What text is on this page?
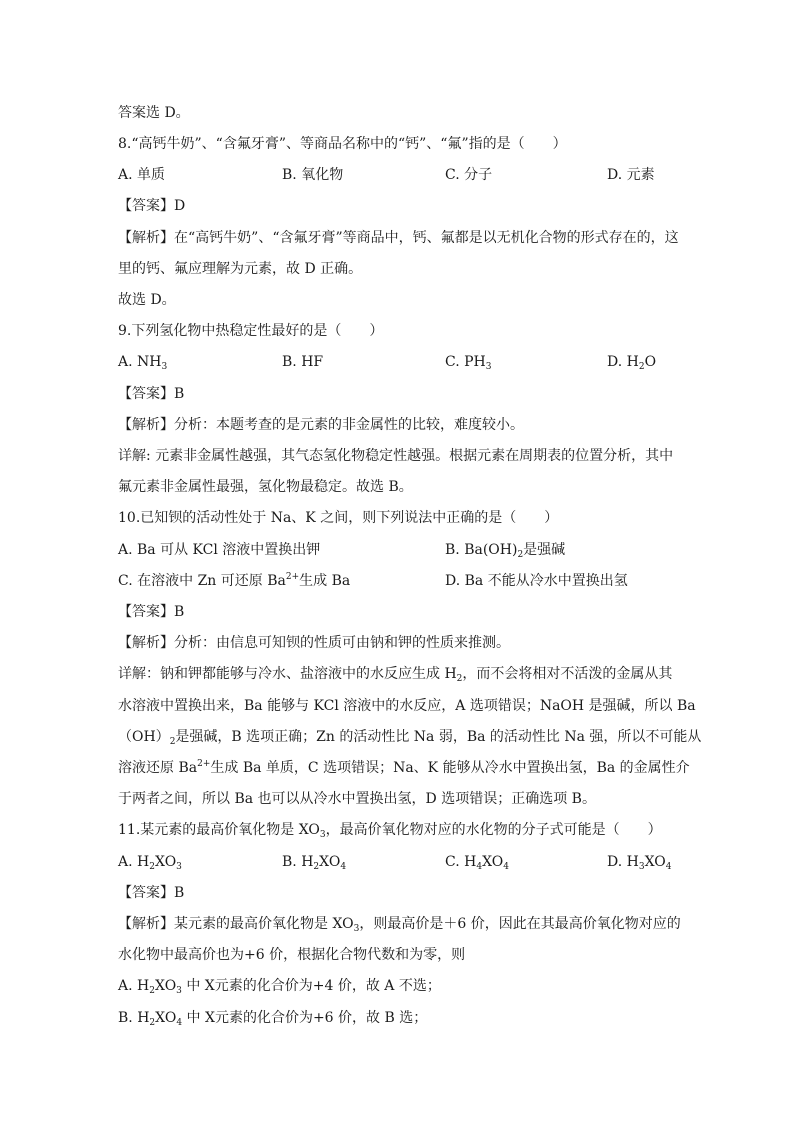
答案选 D。
8.“高钙牛奶”、“含氟牙膏”、等商品名称中的“钙”、“氟”指的是（　　）
A. 单质	B. 氧化物	C. 分子	D. 元素
【答案】D
【解析】在“高钙牛奶”、“含氟牙膏”等商品中，钙、氟都是以无机化合物的形式存在的，这
里的钙、氟应理解为元素，故 D 正确。
故选 D。
9.下列氢化物中热稳定性最好的是（　　）
A. $NH_3$	B. HF	C. $PH_3$	D. $H_2O$
【答案】B
【解析】分析：本题考查的是元素的非金属性的比较，难度较小。
详解: 元素非金属性越强，其气态氢化物稳定性越强。根据元素在周期表的位置分析，其中
氟元素非金属性最强，氢化物最稳定。故选 B。
10.已知钡的活动性处于 Na、K 之间，则下列说法中正确的是（　　）
A. Ba 可从 KCl 溶液中置换出钾	B. $Ba(OH)_2$是强碱
C. 在溶液中 Zn 可还原 $Ba^{2+}$生成 Ba	D. Ba 不能从冷水中置换出氢
【答案】B
【解析】分析：由信息可知钡的性质可由钠和钾的性质来推测。
详解：钠和钾都能够与冷水、盐溶液中的水反应生成 $H_2$，而不会将相对不活泼的金属从其
水溶液中置换出来，Ba 能够与 KCl 溶液中的水反应，A 选项错误；NaOH 是强碱，所以 Ba
$(OH)_2$是强碱，B 选项正确；Zn 的活动性比 Na 弱，Ba 的活动性比 Na 强，所以不可能从
溶液还原 $Ba^{2+}$生成 Ba 单质，C 选项错误；Na、K 能够从冷水中置换出氢，Ba 的金属性介
于两者之间，所以 Ba 也可以从冷水中置换出氢，D 选项错误；正确选项 B。
11.某元素的最高价氧化物是 $XO_3$，最高价氧化物对应的水化物的分子式可能是（　　）
A. $H_2XO_3$	B. $H_2XO_4$	C. $H_4XO_4$	D. $H_3XO_4$
【答案】B
【解析】某元素的最高价氧化物是 $XO_3$，则最高价是＋6 价，因此在其最高价氧化物对应的
水化物中最高价也为+6 价，根据化合物代数和为零，则
A. $H_2XO_3$ 中 X元素的化合价为+4 价，故 A 不选；
B. $H_2XO_4$ 中 X元素的化合价为+6 价，故 B 选；
